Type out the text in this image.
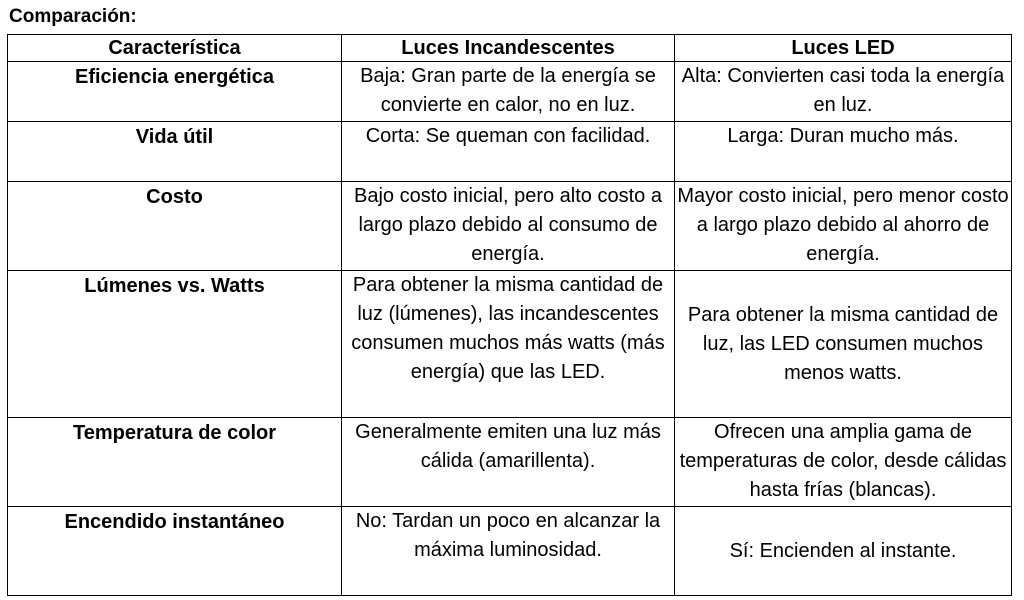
Comparación:
Característica	Luces Incandescentes	Luces LED
Eficiencia energética	Baja: Gran parte de la energía se convierte en calor, no en luz.	Alta: Convierten casi toda la energía en luz.
Vida útil	Corta: Se queman con facilidad.	Larga: Duran mucho más.
Costo	Bajo costo inicial, pero alto costo a largo plazo debido al consumo de energía.	Mayor costo inicial, pero menor costo a largo plazo debido al ahorro de energía.
Lúmenes vs. Watts	Para obtener la misma cantidad de luz (lúmenes), las incandescentes consumen muchos más watts (más energía) que las LED.	Para obtener la misma cantidad de luz, las LED consumen muchos menos watts.
Temperatura de color	Generalmente emiten una luz más cálida (amarillenta).	Ofrecen una amplia gama de temperaturas de color, desde cálidas hasta frías (blancas).
Encendido instantáneo	No: Tardan un poco en alcanzar la máxima luminosidad.	Sí: Encienden al instante.
